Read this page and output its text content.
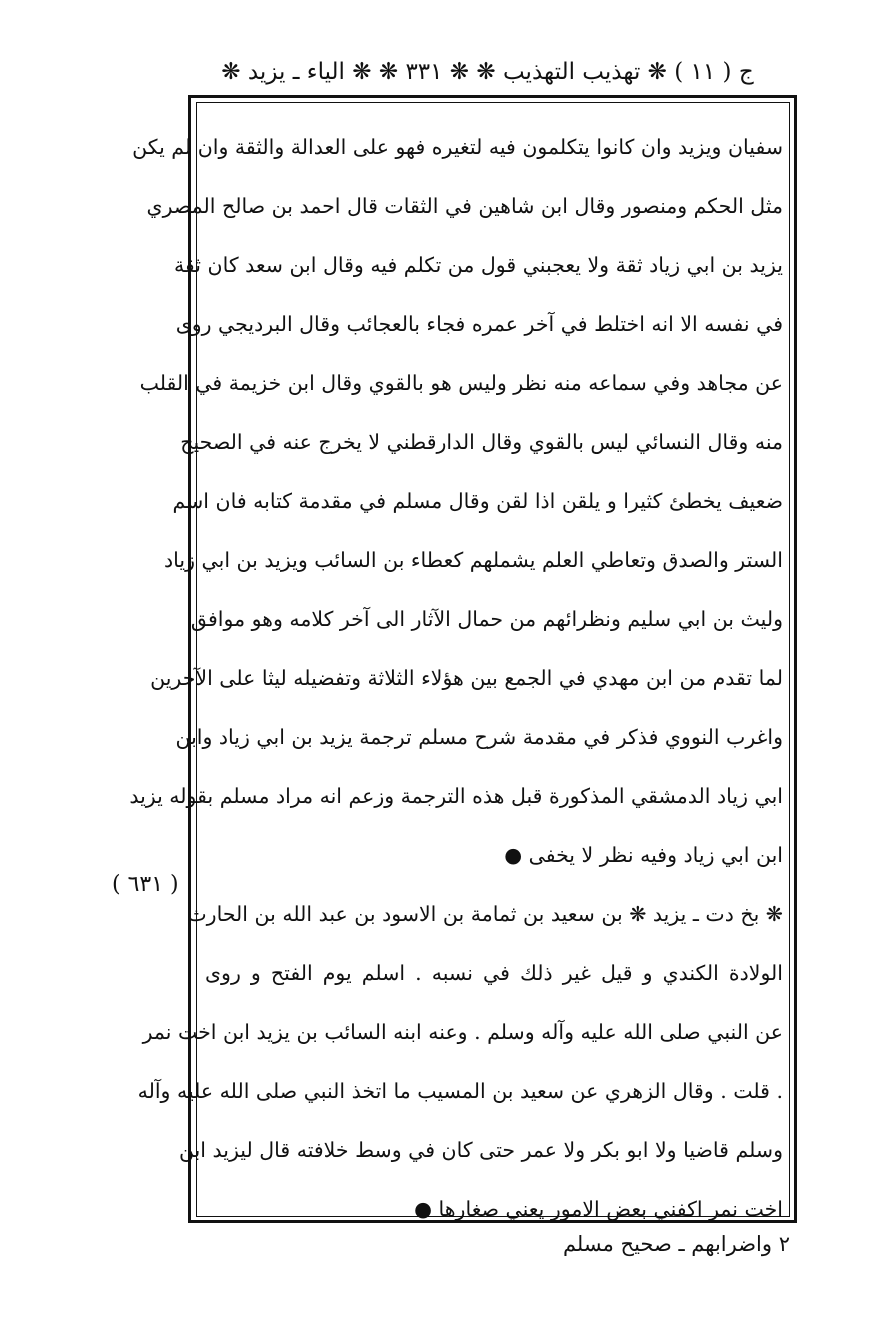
ج ( ١١ ) ❋ تهذيب التهذيب ❋ ❋ ٣٣١ ❋ ❋ الياء ـ يزيد ❋
سفيان ويزيد وان كانوا يتكلمون فيه لتغيره فهو على العدالة والثقة وان لم يكن
مثل الحكم ومنصور وقال ابن شاهين في الثقات قال احمد بن صالح المصري
يزيد بن ابي زياد ثقة ولا يعجبني قول من تكلم فيه وقال ابن سعد كان ثقة
في نفسه الا انه اختلط في آخر عمره فجاء بالعجائب وقال البرديجي روى
عن مجاهد وفي سماعه منه نظر وليس هو بالقوي وقال ابن خزيمة في القلب
منه وقال النسائي ليس بالقوي وقال الدارقطني لا يخرج عنه في الصحيح
ضعيف يخطئ كثيرا و يلقن اذا لقن وقال مسلم في مقدمة كتابه فان اسم
الستر والصدق وتعاطي العلم يشملهم كعطاء بن السائب ويزيد بن ابي زياد
وليث بن ابي سليم ونظرائهم من حمال الآثار الى آخر كلامه وهو موافق
لما تقدم من ابن مهدي في الجمع بين هؤلاء الثلاثة وتفضيله ليثا على الآخرين
واغرب النووي فذكر في مقدمة شرح مسلم ترجمة يزيد بن ابي زياد وابن
ابي زياد الدمشقي المذكورة قبل هذه الترجمة وزعم انه مراد مسلم بقوله يزيد
ابن ابي زياد وفيه نظر لا يخفى ●
❋ بخ دت ـ يزيد ❋ بن سعيد بن ثمامة بن الاسود بن عبد الله بن الحارث
الولادة الكندي و قيل غير ذلك في نسبه . اسلم يوم الفتح و روى
عن النبي صلى الله عليه وآله وسلم . وعنه ابنه السائب بن يزيد ابن اخت نمر
. قلت . وقال الزهري عن سعيد بن المسيب ما اتخذ النبي صلى الله عليه وآله
وسلم قاضيا ولا ابو بكر ولا عمر حتى كان في وسط خلافته قال ليزيد ابن
اخت نمر اكفني بعض الامور يعني صغارها ●
( ٦٣١ )
٢ واضرابهم ـ صحيح مسلم
